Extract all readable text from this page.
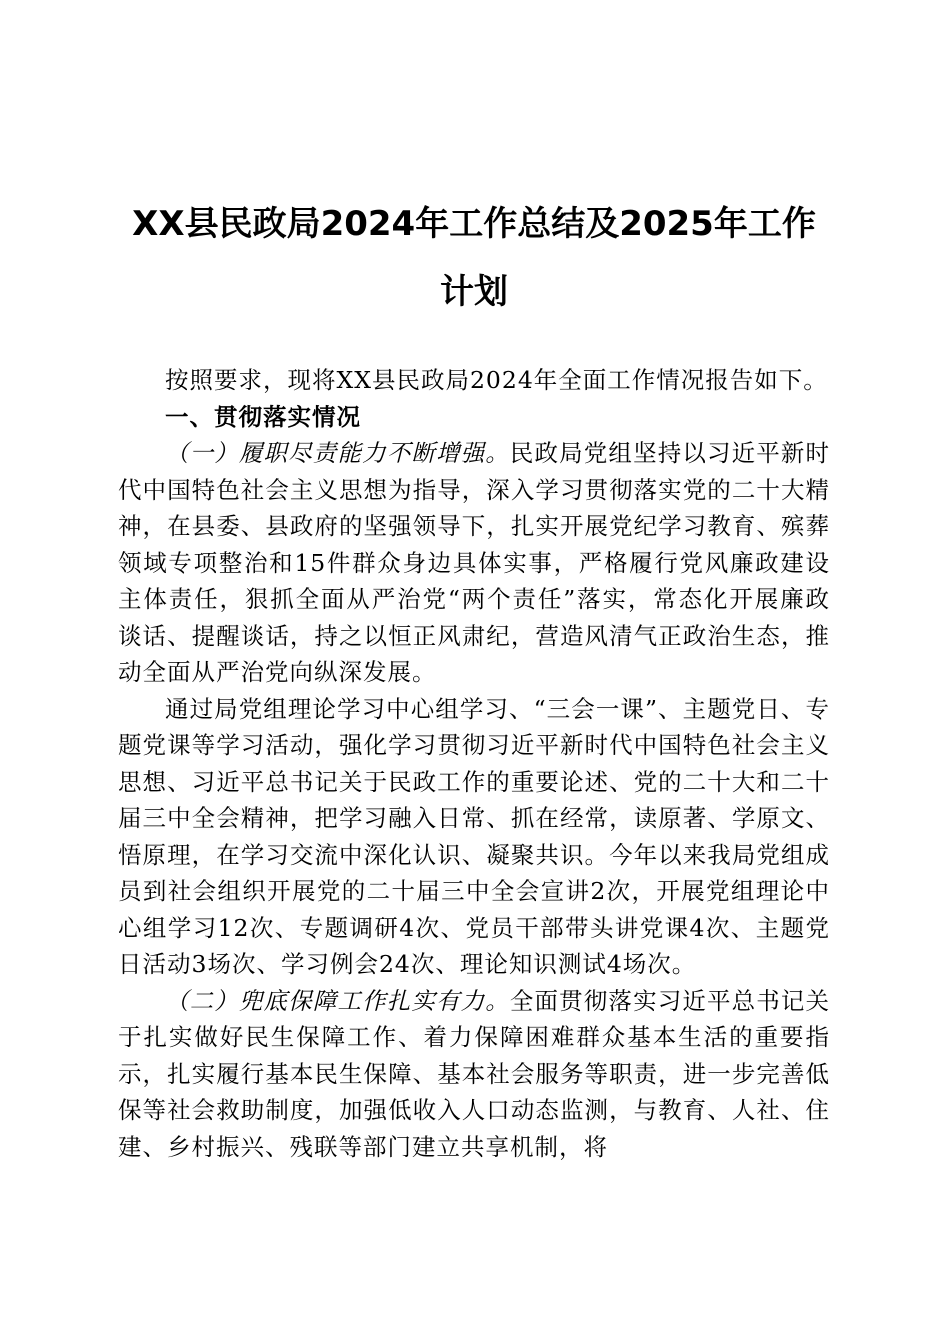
XX县民政局2024年工作总结及2025年工作
计划

按照要求，现将XX县民政局2024年全面工作情况报告如下。

一、贯彻落实情况

（一）履职尽责能力不断增强。民政局党组坚持以习近平新时代中国特色社会主义思想为指导，深入学习贯彻落实党的二十大精神，在县委、县政府的坚强领导下，扎实开展党纪学习教育、殡葬领域专项整治和15件群众身边具体实事，严格履行党风廉政建设主体责任，狠抓全面从严治党“两个责任”落实，常态化开展廉政谈话、提醒谈话，持之以恒正风肃纪，营造风清气正政治生态，推动全面从严治党向纵深发展。

通过局党组理论学习中心组学习、“三会一课”、主题党日、专题党课等学习活动，强化学习贯彻习近平新时代中国特色社会主义思想、习近平总书记关于民政工作的重要论述、党的二十大和二十届三中全会精神，把学习融入日常、抓在经常，读原著、学原文、悟原理，在学习交流中深化认识、凝聚共识。今年以来我局党组成员到社会组织开展党的二十届三中全会宣讲2次，开展党组理论中心组学习12次、专题调研4次、党员干部带头讲党课4次、主题党日活动3场次、学习例会24次、理论知识测试4场次。

（二）兜底保障工作扎实有力。全面贯彻落实习近平总书记关于扎实做好民生保障工作、着力保障困难群众基本生活的重要指示，扎实履行基本民生保障、基本社会服务等职责，进一步完善低保等社会救助制度，加强低收入人口动态监测，与教育、人社、住建、乡村振兴、残联等部门建立共享机制，将
